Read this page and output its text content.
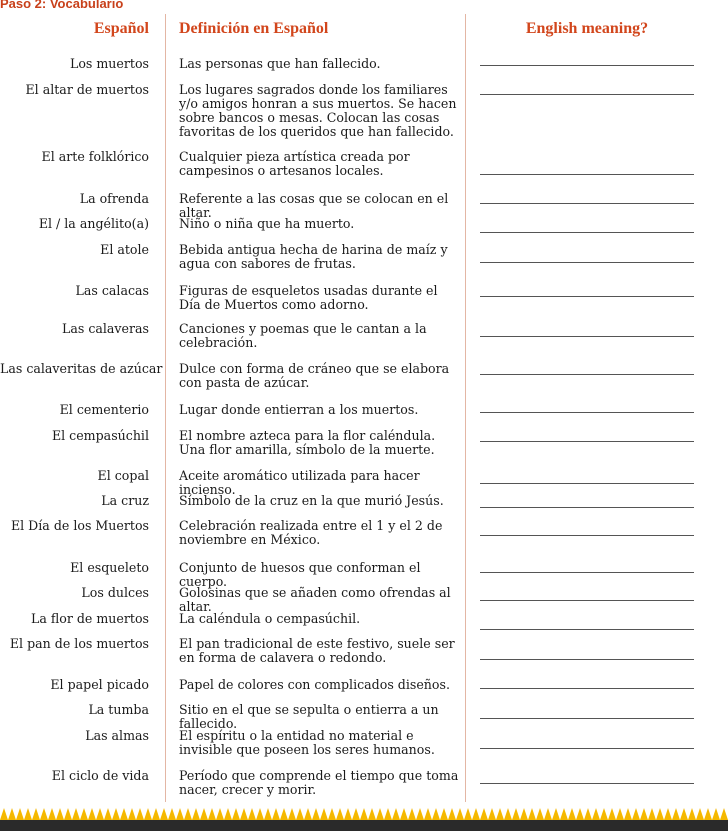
Paso 2: Vocabulario
Español Definición en Español	English meaning?
Los muertos Las personas que han fallecido.
El altar de muertos Los lugares sagrados donde los familiares y/o amigos honran a sus muertos. Se hacen sobre bancos o mesas. Colocan las cosas favoritas de los queridos que han fallecido.
El arte folklórico Cualquier pieza artística creada por campesinos o artesanos locales.
La ofrenda Referente a las cosas que se colocan en el altar.
El / la angélito(a) Niño o niña que ha muerto.
El atole Bebida antigua hecha de harina de maíz y agua con sabores de frutas.
Las calacas Figuras de esqueletos usadas durante el Día de Muertos como adorno.
Las calaveras Canciones y poemas que le cantan a la celebración.
Las calaveritas de azúcar Dulce con forma de cráneo que se elabora con pasta de azúcar.
El cementerio Lugar donde entierran a los muertos.
El cempasúchil El nombre azteca para la flor caléndula. Una flor amarilla, símbolo de la muerte.
El copal Aceite aromático utilizada para hacer incienso.
La cruz Símbolo de la cruz en la que murió Jesús.
El Día de los Muertos Celebración realizada entre el 1 y el 2 de noviembre en México.
El esqueleto Conjunto de huesos que conforman el cuerpo.
Los dulces Golosinas que se añaden como ofrendas al altar.
La flor de muertos La caléndula o cempasúchil.
El pan de los muertos El pan tradicional de este festivo, suele ser en forma de calavera o redondo.
El papel picado Papel de colores con complicados diseños.
La tumba Sitio en el que se sepulta o entierra a un fallecido.
Las almas El espíritu o la entidad no material e invisible que poseen los seres humanos.
El ciclo de vida Período que comprende el tiempo que toma nacer, crecer y morir.
